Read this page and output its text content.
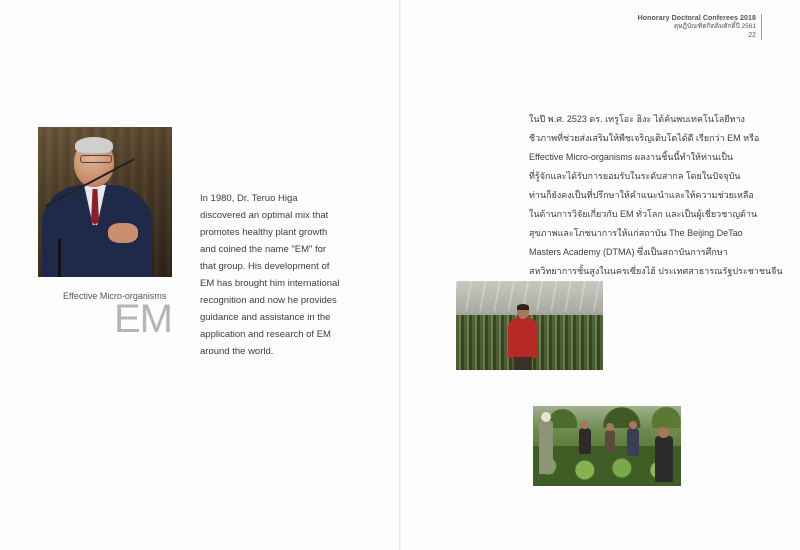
Honorary Doctoral Conferees 2018
ดุษฎีบัณฑิตกิตติมศักดิ์ปี 2561
22
Effective Micro-organisms
EM
In 1980, Dr. Teruo Higa
discovered an optimal mix that
promotes healthy plant growth
and coined the name "EM" for
that group. His development of
EM has brought him international
recognition and now he provides
guidance and assistance in the
application and research of EM
around the world.
ในปี พ.ศ. 2523 ดร. เทรูโอะ ฮิงะ ได้ค้นพบเทคโนโลยีทาง
ชีวภาพที่ช่วยส่งเสริมให้พืชเจริญเติบโตได้ดี เรียกว่า EM หรือ
Effective Micro-organisms ผลงานชิ้นนี้ทำให้ท่านเป็น
ที่รู้จักและได้รับการยอมรับในระดับสากล โดยในปัจจุบัน
ท่านก็ยังคงเป็นที่ปรึกษาให้คำแนะนำและให้ความช่วยเหลือ
ในด้านการวิจัยเกี่ยวกับ EM ทั่วโลก และเป็นผู้เชี่ยวชาญด้าน
สุขภาพและโภชนาการให้แก่สถาบัน The Beijing DeTao
Masters Academy (DTMA) ซึ่งเป็นสถาบันการศึกษา
สหวิทยาการชั้นสูงในนครเซี่ยงไฮ้ ประเทศสาธารณรัฐประชาชนจีน
